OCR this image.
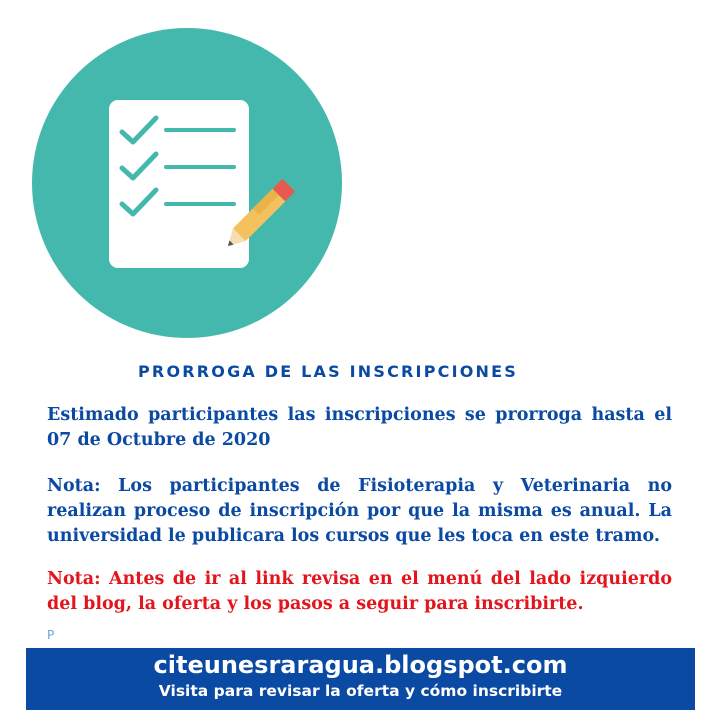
PRORROGA DE LAS INSCRIPCIONES

Estimado participantes las inscripciones se prorroga hasta el 07 de Octubre de 2020

Nota: Los participantes de Fisioterapia y Veterinaria no realizan proceso de inscripción por que la misma es anual. La universidad le publicara los cursos que les toca en este tramo.

Nota: Antes de ir al link revisa en el menú del lado izquierdo del blog, la oferta y los pasos a seguir para inscribirte.

P
citeunesraragua.blogspot.com
Visita para revisar la oferta y cómo inscribirte
